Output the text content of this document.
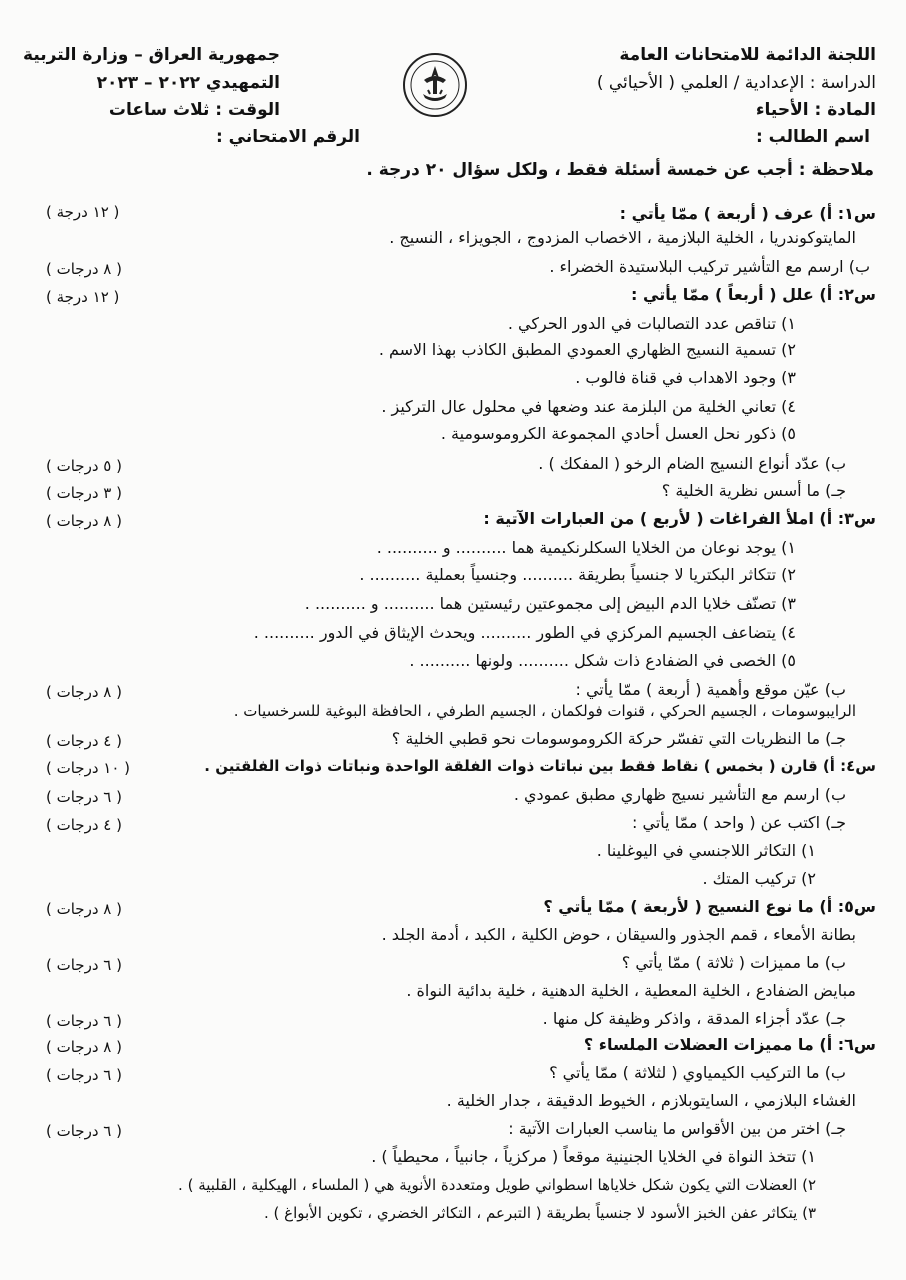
اللجنة الدائمة للامتحانات العامة
الدراسة : الإعدادية / العلمي ( الأحيائي )
المادة : الأحياء
جمهورية العراق – وزارة التربية
التمهيدي ٢٠٢٢ – ٢٠٢٣
الوقت : ثلاث ساعات
اسم الطالب :
الرقم الامتحاني :
ملاحظة : أجب عن خمسة أسئلة فقط ، ولكل سؤال ٢٠ درجة .
س١: أ) عرف ( أربعة ) ممّا يأتي :
( ١٢ درجة )
المايتوكوندريا ، الخلية البلازمية ، الاخصاب المزدوج ، الجويزاء ، النسيج .
ب) ارسم مع التأشير تركيب البلاستيدة الخضراء .
( ٨ درجات )
س٢: أ) علل ( أربعاً ) ممّا يأتي :
( ١٢ درجة )
١) تناقص عدد التصالبات في الدور الحركي .
٢) تسمية النسيج الظهاري العمودي المطبق الكاذب بهذا الاسم .
٣) وجود الاهداب في قناة فالوب .
٤) تعاني الخلية من البلزمة عند وضعها في محلول عال التركيز .
٥) ذكور نحل العسل أحادي المجموعة الكروموسومية .
ب) عدّد أنواع النسيج الضام الرخو ( المفكك ) .
( ٥ درجات )
جـ) ما أسس نظرية الخلية ؟
( ٣ درجات )
س٣: أ) املأ الفراغات ( لأربع ) من العبارات الآتية :
( ٨ درجات )
١) يوجد نوعان من الخلايا السكلرنكيمية هما .......... و .......... .
٢) تتكاثر البكتريا لا جنسياً بطريقة .......... وجنسياً بعملية .......... .
٣) تصنّف خلايا الدم البيض إلى مجموعتين رئيستين هما .......... و .......... .
٤) يتضاعف الجسيم المركزي في الطور .......... ويحدث الإيثاق في الدور .......... .
٥) الخصى في الضفادع ذات شكل .......... ولونها .......... .
ب) عيّن موقع وأهمية ( أربعة ) ممّا يأتي :
( ٨ درجات )
الرايبوسومات ، الجسيم الحركي ، قنوات فولكمان ، الجسيم الطرفي ، الحافظة البوغية للسرخسيات .
جـ) ما النظريات التي تفسّر حركة الكروموسومات نحو قطبي الخلية ؟
( ٤ درجات )
س٤: أ) قارن ( بخمس ) نقاط فقط بين نباتات ذوات الفلقة الواحدة ونباتات ذوات الفلقتين .
( ١٠ درجات )
ب) ارسم مع التأشير نسيج ظهاري مطبق عمودي .
( ٦ درجات )
جـ) اكتب عن ( واحد ) ممّا يأتي :
( ٤ درجات )
١) التكاثر اللاجنسي في اليوغلينا .
٢) تركيب المتك .
س٥: أ) ما نوع النسيج ( لأربعة ) ممّا يأتي ؟
( ٨ درجات )
بطانة الأمعاء ، قمم الجذور والسيقان ، حوض الكلية ، الكبد ، أدمة الجلد .
ب) ما مميزات ( ثلاثة ) ممّا يأتي ؟
( ٦ درجات )
مبايض الضفادع ، الخلية المعطية ، الخلية الدهنية ، خلية بدائية النواة .
جـ) عدّد أجزاء المدقة ، واذكر وظيفة كل منها .
( ٦ درجات )
س٦: أ) ما مميزات العضلات الملساء ؟
( ٨ درجات )
ب) ما التركيب الكيمياوي ( لثلاثة ) ممّا يأتي ؟
( ٦ درجات )
الغشاء البلازمي ، السايتوبلازم ، الخيوط الدقيقة ، جدار الخلية .
جـ) اختر من بين الأقواس ما يناسب العبارات الآتية :
( ٦ درجات )
١) تتخذ النواة في الخلايا الجنينية موقعاً ( مركزياً ، جانبياً ، محيطياً ) .
٢) العضلات التي يكون شكل خلاياها اسطواني طويل ومتعددة الأنوية هي ( الملساء ، الهيكلية ، القلبية ) .
٣) يتكاثر عفن الخبز الأسود لا جنسياً بطريقة ( التبرعم ، التكاثر الخضري ، تكوين الأبواغ ) .
